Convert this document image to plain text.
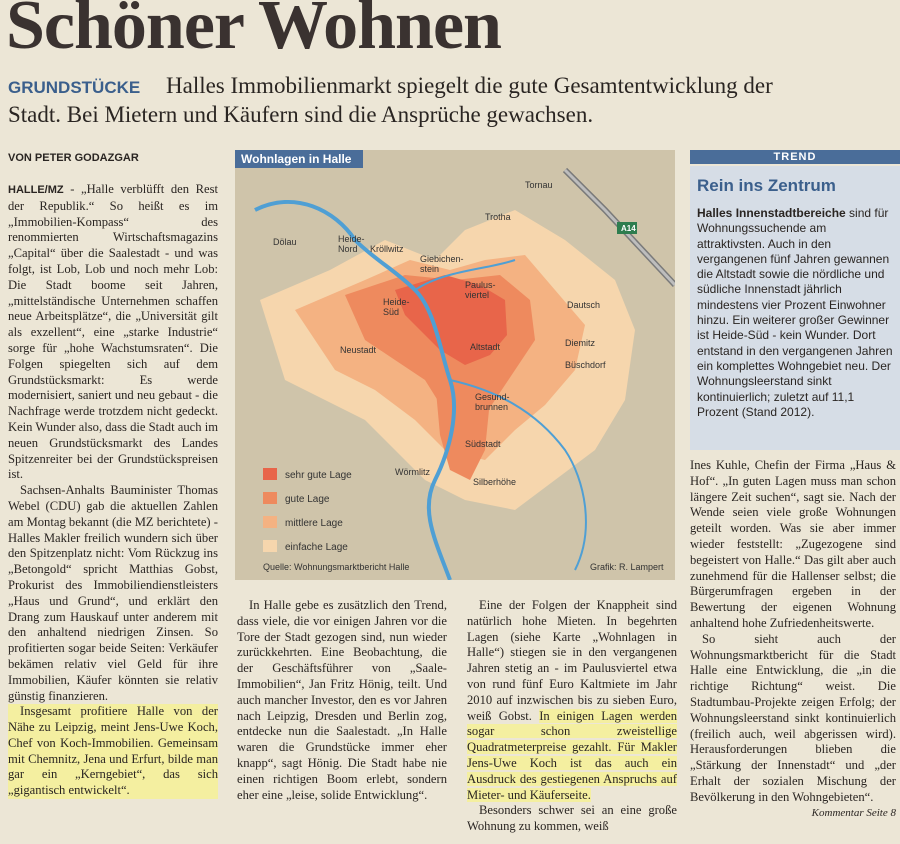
Schöner Wohnen
GRUNDSTÜCKE Halles Immobilienmarkt spiegelt die gute Gesamtentwicklung der
Stadt. Bei Mietern und Käufern sind die Ansprüche gewachsen.
VON PETER GODAZGAR

HALLE/MZ - „Halle verblüfft den Rest der Republik.“ So heißt es im „Immobilien-Kompass“ des renommierten Wirtschaftsmagazins „Capital“ über die Saalestadt - und was folgt, ist Lob, Lob und noch mehr Lob: Die Stadt boome seit Jahren, „mittelständische Unternehmen schaffen neue Arbeitsplätze“, die „Universität gilt als exzellent“, eine „starke Industrie“ sorge für „hohe Wachstumsraten“. Die Folgen spiegelten sich auf dem Grundstücksmarkt: Es werde modernisiert, saniert und neu gebaut - die Nachfrage werde trotzdem nicht gedeckt. Kein Wunder also, dass die Stadt auch im neuen Grundstücksmarkt des Landes Spitzenreiter bei der Grundstückspreisen ist.

Sachsen-Anhalts Bauminister Thomas Webel (CDU) gab die aktuellen Zahlen am Montag bekannt (die MZ berichtete) - Halles Makler freilich wundern sich über den Spitzenplatz nicht: Vom Rückzug ins „Betongold“ spricht Matthias Gobst, Prokurist des Immobiliendienstleisters „Haus und Grund“, und erklärt den Drang zum Hauskauf unter anderem mit den anhaltend niedrigen Zinsen. So profitierten sogar beide Seiten: Verkäufer bekämen relativ viel Geld für ihre Immobilien, Käufer könnten sie relativ günstig finanzieren.

Insgesamt profitiere Halle von der Nähe zu Leipzig, meint Jens-Uwe Koch, Chef von Koch-Immobilien. Gemeinsam mit Chemnitz, Jena und Erfurt, bilde man gar ein „Kerngebiet“, das sich „gigantisch entwickelt“.

sehr gute Lage
gute Lage
mittlere Lage
einfache Lage
Quelle: Wohnungsmarktbericht Halle	Grafik: R. Lampert
A14
Tornau
Trotha
Dölau	Heide-
Nord Kröllwitz
Giebichen-
stein
Heide-
Süd
Paulus-
viertel
Dautsch
Neustadt	Altstadt	Diemitz
Büschdorf
Gesund-
brunnen
Südstadt
Wörmlitz
Silberhöhe
Wohnlagen in Halle	TREND
Rein ins Zentrum
Halles Innenstadtbereiche sind für Wohnungssuchende am attraktivsten. Auch in den vergangenen fünf Jahren gewannen die Altstadt sowie die nördliche und südliche Innenstadt jährlich mindestens vier Prozent Einwohner hinzu. Ein weiterer großer Gewinner ist Heide-Süd - kein Wunder. Dort entstand in den vergangenen Jahren ein komplettes Wohngebiet neu. Der Wohnungsleerstand sinkt kontinuierlich; zuletzt auf 11,1 Prozent (Stand 2012).

In Halle gebe es zusätzlich den Trend, dass viele, die vor einigen Jahren vor die Tore der Stadt gezogen sind, nun wieder zurückkehrten. Eine Beobachtung, die der Geschäftsführer von „Saale-Immobilien“, Jan Fritz Hönig, teilt. Und auch mancher Investor, den es vor Jahren nach Leipzig, Dresden und Berlin zog, entdecke nun die Saalestadt. „In Halle waren die Grundstücke immer eher knapp“, sagt Hönig. Die Stadt habe nie einen richtigen Boom erlebt, sondern eher eine „leise, solide Entwicklung“.

Eine der Folgen der Knappheit sind natürlich hohe Mieten. In begehrten Lagen (siehe Karte „Wohnlagen in Halle“) stiegen sie in den vergangenen Jahren stetig an - im Paulusviertel etwa von rund fünf Euro Kaltmiete im Jahr 2010 auf inzwischen bis zu sieben Euro, weiß Gobst. In einigen Lagen werden sogar schon zweistellige Quadratmeterpreise gezahlt. Für Makler Jens-Uwe Koch ist das auch ein Ausdruck des gestiegenen Anspruchs auf Mieter- und Käuferseite.

Besonders schwer sei an eine große Wohnung zu kommen, weiß

Ines Kuhle, Chefin der Firma „Haus & Hof“. „In guten Lagen muss man schon längere Zeit suchen“, sagt sie. Nach der Wende seien viele große Wohnungen geteilt worden. Was sie aber immer wieder feststellt: „Zugezogene sind begeistert von Halle.“ Das gilt aber auch zunehmend für die Hallenser selbst; die Bürgerumfragen ergeben in der Bewertung der eigenen Wohnung anhaltend hohe Zufriedenheitswerte.

So sieht auch der Wohnungsmarktbericht für die Stadt Halle eine Entwicklung, die „in die richtige Richtung“ weist. Die Stadtumbau-Projekte zeigen Erfolg; der Wohnungsleerstand sinkt kontinuierlich (freilich auch, weil abgerissen wird). Herausforderungen blieben die „Stärkung der Innenstadt“ und „der Erhalt der sozialen Mischung der Bevölkerung in den Wohngebieten“.

Kommentar Seite 8
